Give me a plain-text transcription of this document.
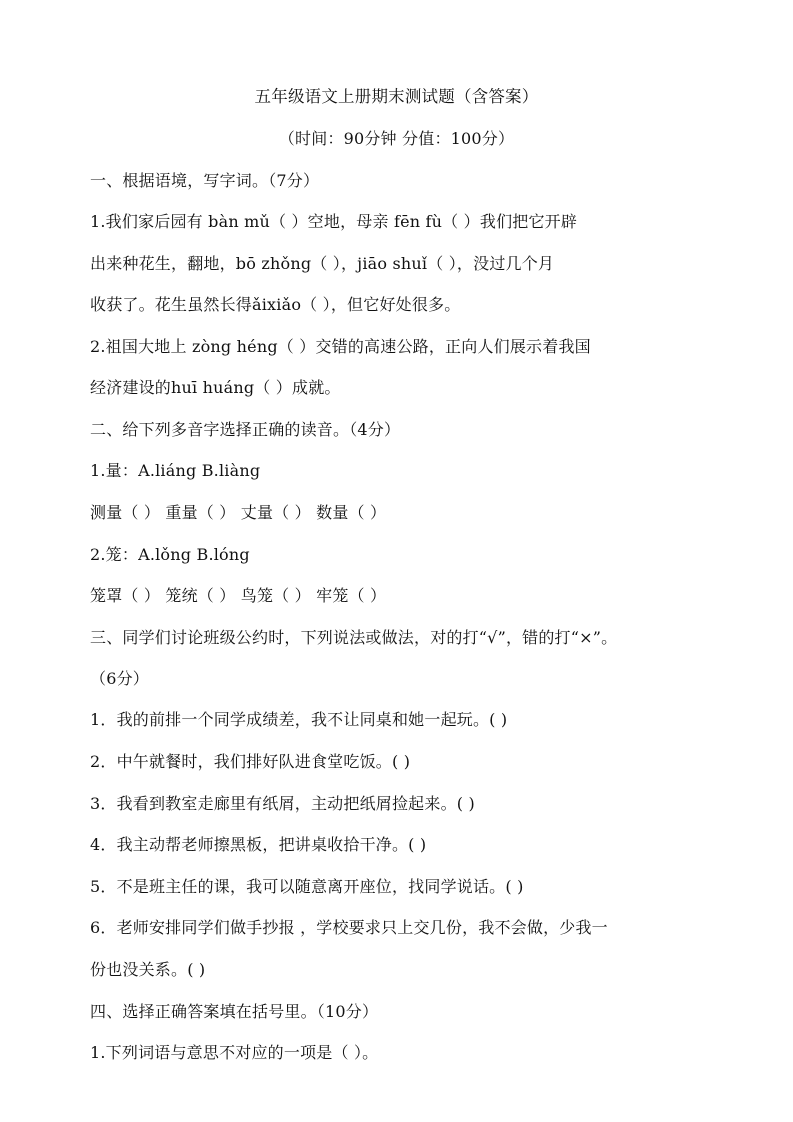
五年级语文上册期末测试题（含答案）
（时间：90分钟 分值：100分）
一、根据语境，写字词。（7分）
1.我们家后园有 bàn mǔ（ ）空地，母亲 fēn fù（ ）我们把它开辟
出来种花生，翻地，bō zhǒng（ ），jiāo shuǐ（ ），没过几个月
收获了。花生虽然长得ǎixiǎo（ ），但它好处很多。
2.祖国大地上 zòng héng（ ）交错的高速公路，正向人们展示着我国
经济建设的huī huáng（ ）成就。
二、给下列多音字选择正确的读音。（4分）
1.量：A.liáng B.liàng
测量（ ） 重量（ ） 丈量（ ） 数量（ ）
2.笼：A.lǒng B.lóng
笼罩（ ） 笼统（ ） 鸟笼（ ） 牢笼（ ）
三、同学们讨论班级公约时，下列说法或做法，对的打“√”，错的打“×”。
（6分）
1．我的前排一个同学成绩差，我不让同桌和她一起玩。( )
2．中午就餐时，我们排好队进食堂吃饭。( )
3．我看到教室走廊里有纸屑，主动把纸屑捡起来。( )
4．我主动帮老师擦黑板，把讲桌收拾干净。( )
5．不是班主任的课，我可以随意离开座位，找同学说话。( )
6．老师安排同学们做手抄报 ，学校要求只上交几份，我不会做，少我一
份也没关系。( )
四、选择正确答案填在括号里。（10分）
1.下列词语与意思不对应的一项是（ ）。
